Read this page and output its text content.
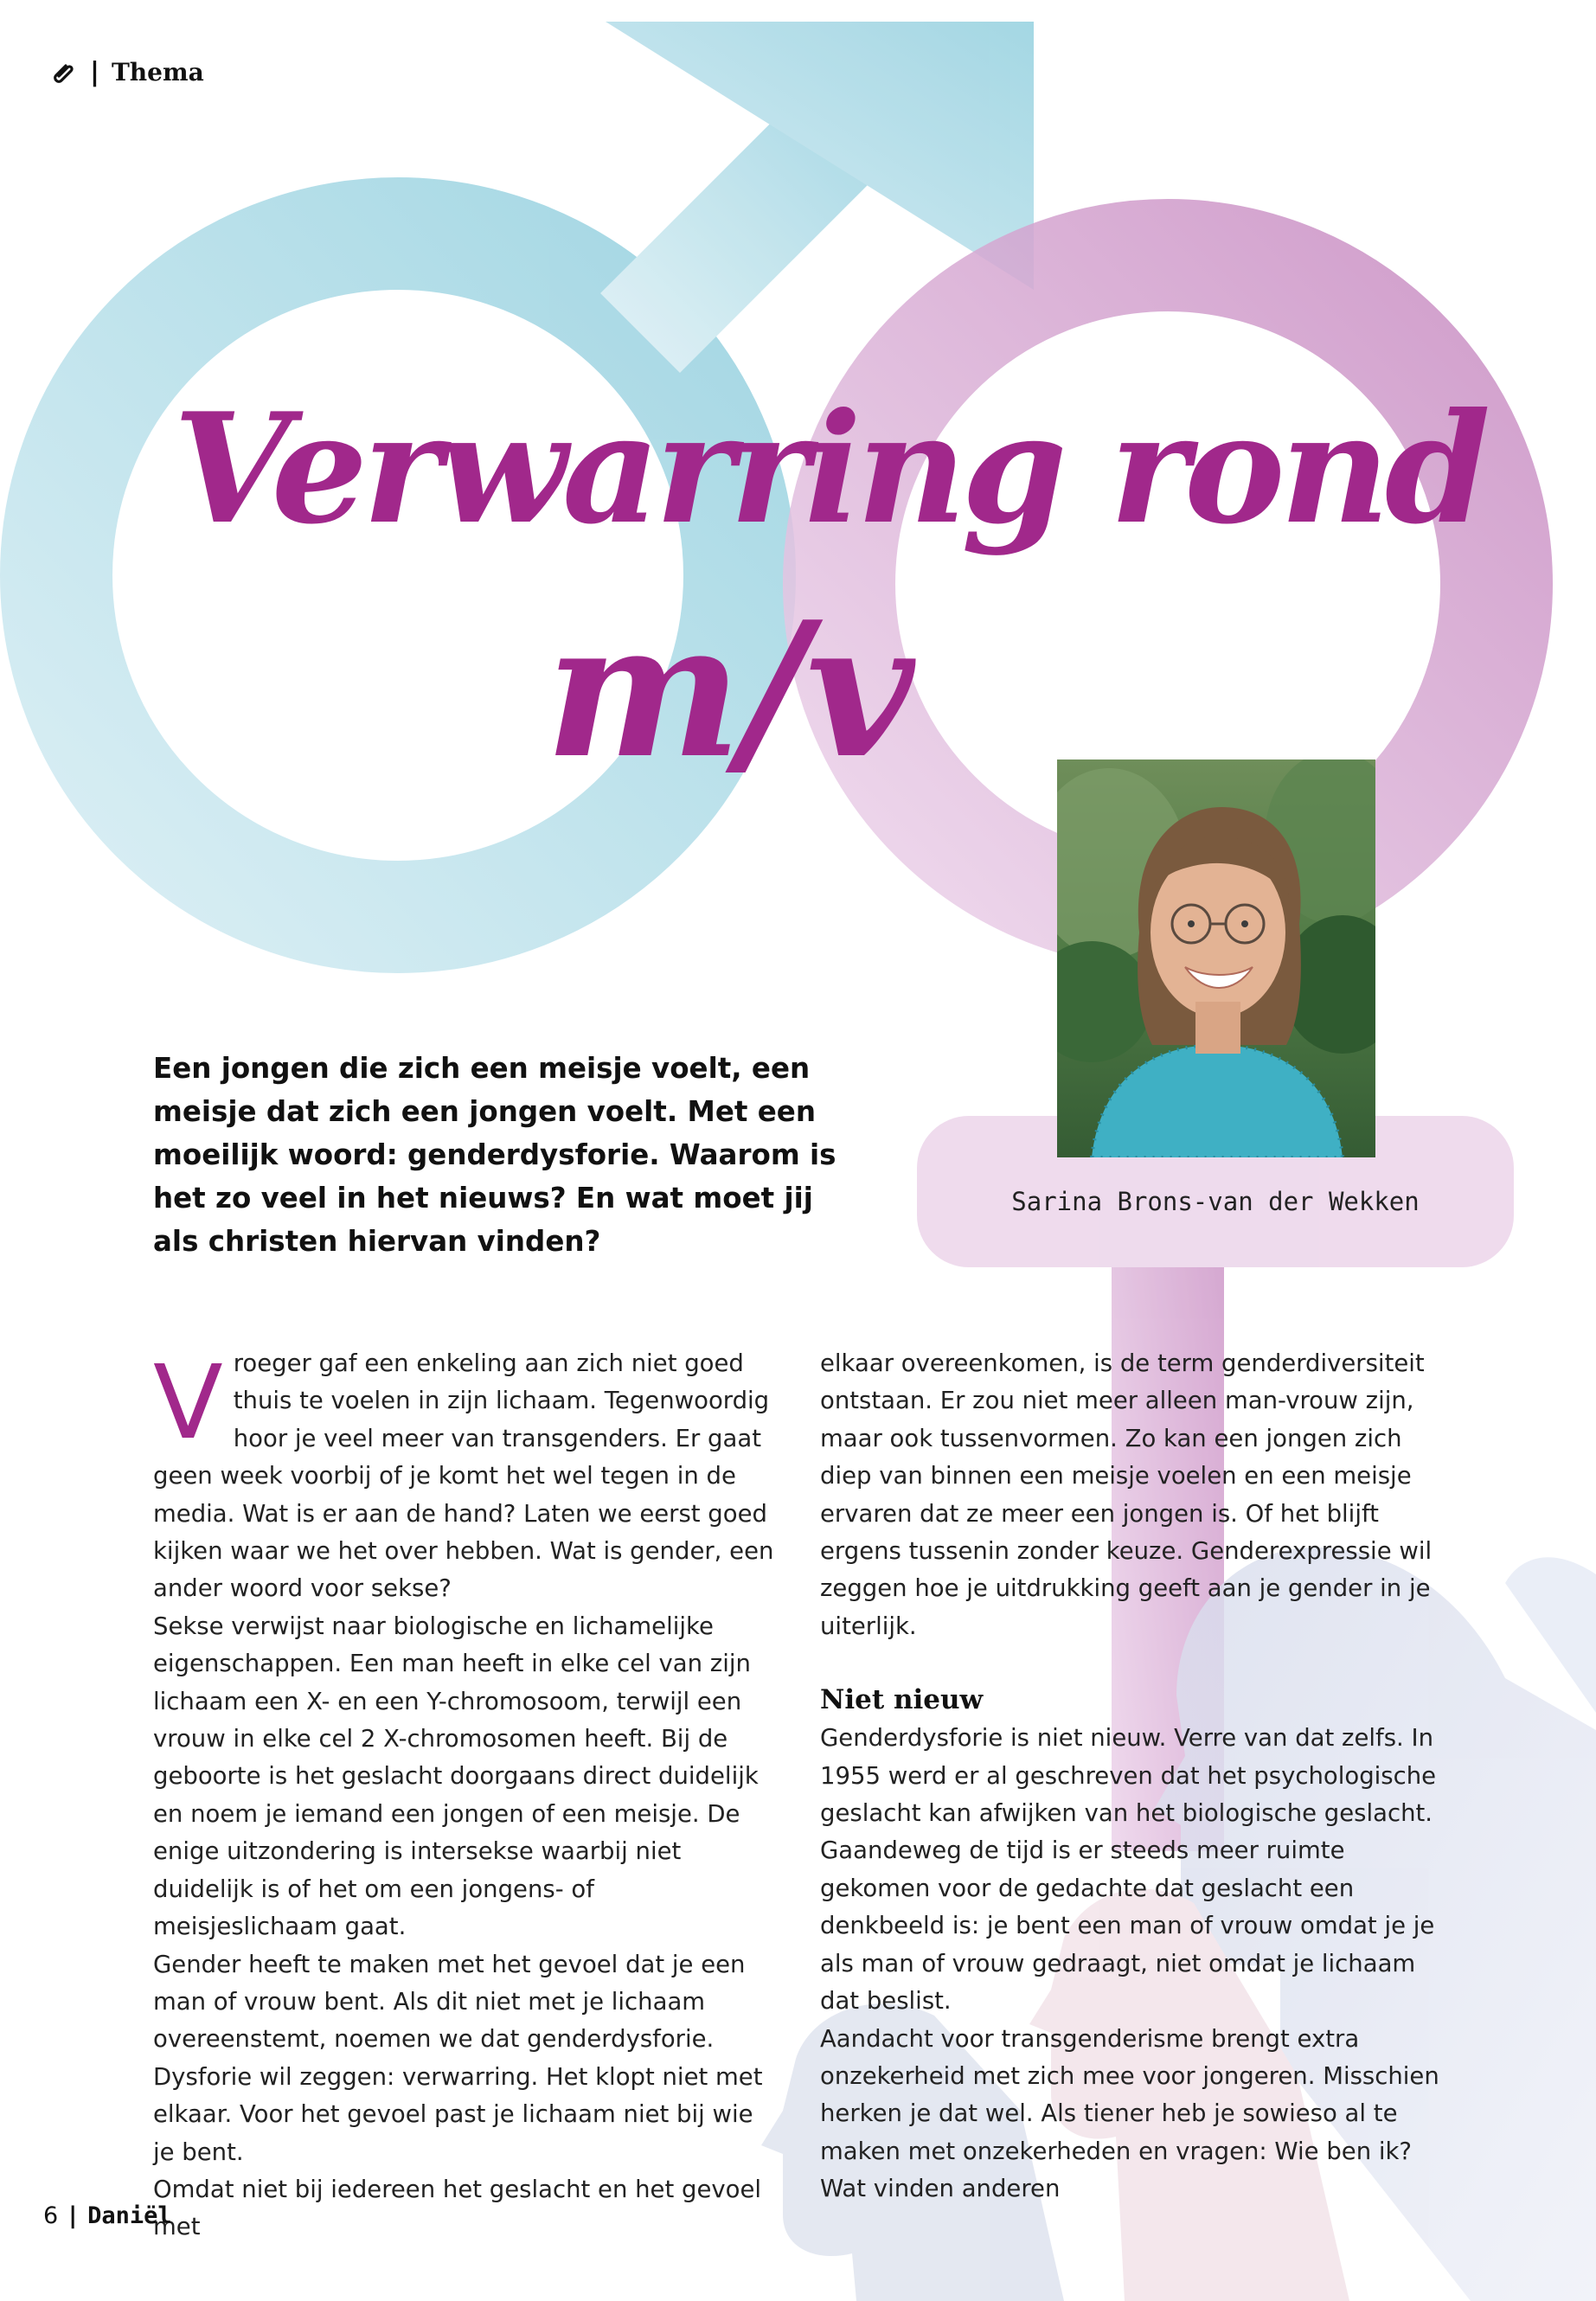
| Thema
Verwarring rond
m/v
Sarina Brons-van der Wekken

Een jongen die zich een meisje voelt, een meisje dat zich een jongen voelt. Met een moeilijk woord: genderdysforie. Waarom is het zo veel in het nieuws? En wat moet jij als christen hiervan vinden?

Vroeger gaf een enkeling aan zich niet goed thuis te voelen in zijn lichaam. Tegenwoordig hoor je veel meer van transgenders. Er gaat geen week voorbij of je komt het wel tegen in de media. Wat is er aan de hand? Laten we eerst goed kijken waar we het over hebben. Wat is gender, een ander woord voor sekse?

Sekse verwijst naar biologische en lichamelijke eigenschappen. Een man heeft in elke cel van zijn lichaam een X- en een Y-chromosoom, terwijl een vrouw in elke cel 2 X-chromosomen heeft. Bij de geboorte is het geslacht doorgaans direct duidelijk en noem je iemand een jongen of een meisje. De enige uitzondering is intersekse waarbij niet duidelijk is of het om een jongens- of meisjeslichaam gaat.

Gender heeft te maken met het gevoel dat je een man of vrouw bent. Als dit niet met je lichaam overeenstemt, noemen we dat genderdysforie. Dysforie wil zeggen: verwarring. Het klopt niet met elkaar. Voor het gevoel past je lichaam niet bij wie je bent.

Omdat niet bij iedereen het geslacht en het gevoel met

elkaar overeenkomen, is de term genderdiversiteit ontstaan. Er zou niet meer alleen man-vrouw zijn, maar ook tussenvormen. Zo kan een jongen zich diep van binnen een meisje voelen en een meisje ervaren dat ze meer een jongen is. Of het blijft ergens tussenin zonder keuze. Genderexpressie wil zeggen hoe je uitdrukking geeft aan je gender in je uiterlijk.

Niet nieuw

Genderdysforie is niet nieuw. Verre van dat zelfs. In 1955 werd er al geschreven dat het psychologische geslacht kan afwijken van het biologische geslacht. Gaandeweg de tijd is er steeds meer ruimte gekomen voor de gedachte dat geslacht een denkbeeld is: je bent een man of vrouw omdat je je als man of vrouw gedraagt, niet omdat je lichaam dat beslist.

Aandacht voor transgenderisme brengt extra onzekerheid met zich mee voor jongeren. Misschien herken je dat wel. Als tiener heb je sowieso al te maken met onzekerheden en vragen: Wie ben ik? Wat vinden anderen

6 | Daniël
